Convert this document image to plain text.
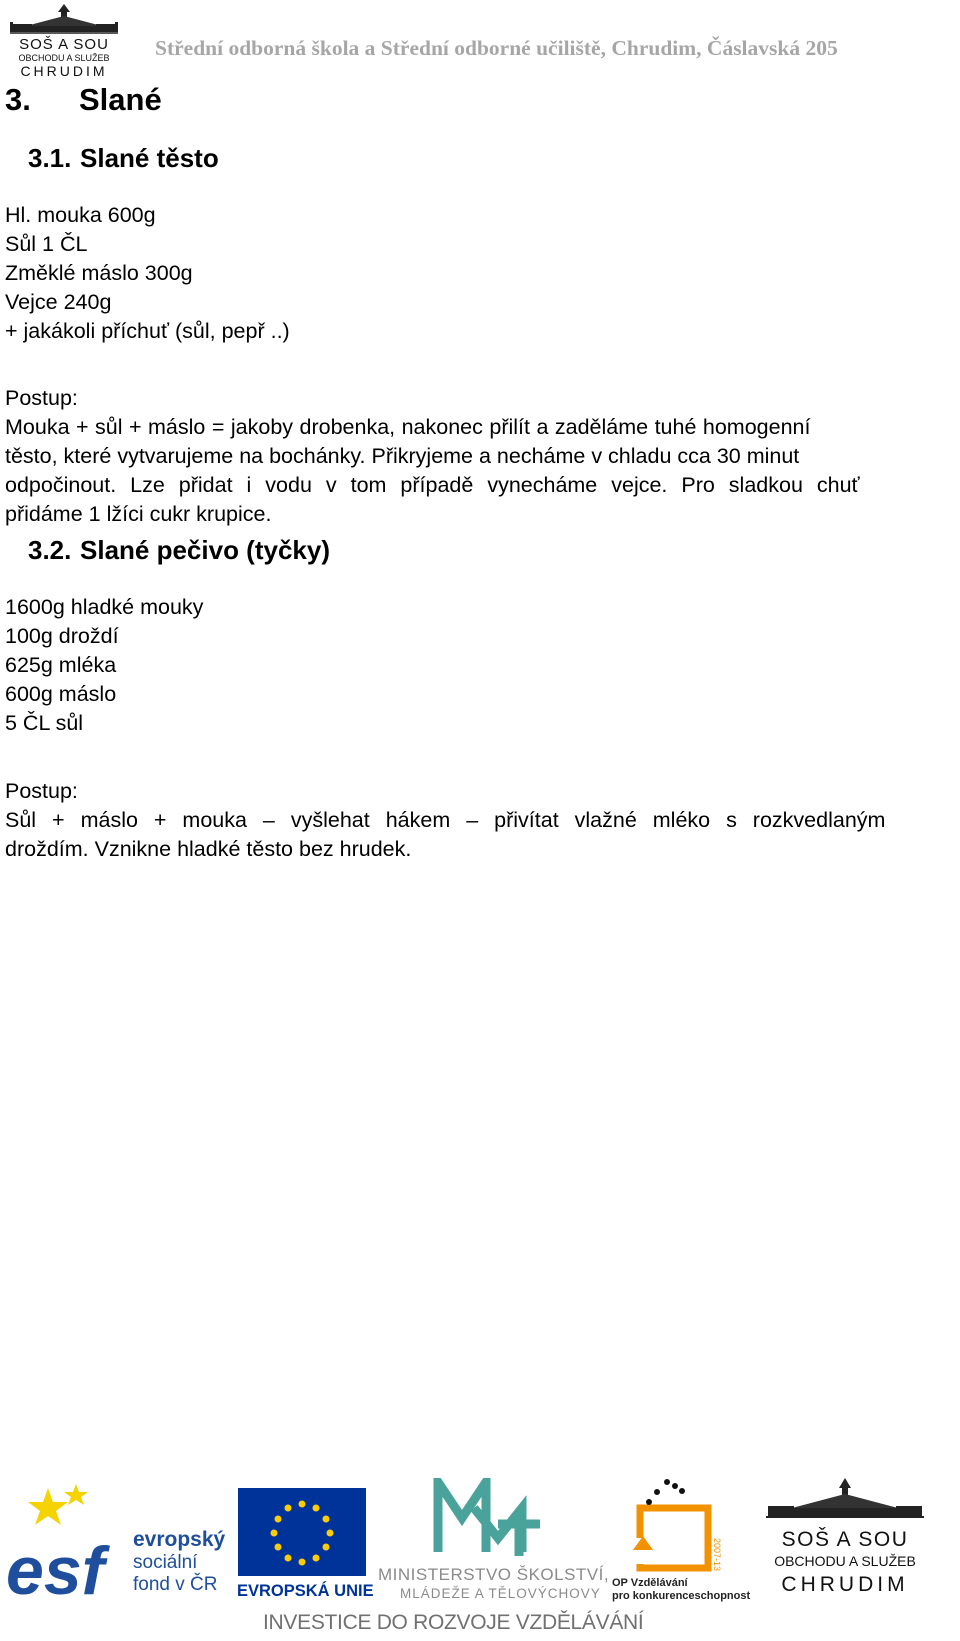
SOŠ A SOU
OBCHODU A SLUŽEB
CHRUDIM
Střední odborná škola a Střední odborné učiliště, Chrudim, Čáslavská 205
3. Slané
3.1. Slané těsto
Hl. mouka 600g
Sůl 1 ČL
Změklé máslo 300g
Vejce 240g
+ jakákoli příchuť (sůl, pepř ..)
Postup:
Mouka + sůl + máslo = jakoby drobenka, nakonec přilít a zaděláme tuhé homogenní
těsto, které vytvarujeme na bochánky. Přikryjeme a necháme v chladu cca 30 minut
odpočinout. Lze přidat i vodu v tom případě vynecháme vejce. Pro sladkou chuť
přidáme 1 lžíci cukr krupice.
3.2. Slané pečivo (tyčky)
1600g hladké mouky
100g droždí
625g mléka
600g máslo
5 ČL sůl
Postup:
Sůl + máslo + mouka – vyšlehat hákem – přivítat vlažné mléko s rozkvedlaným
droždím. Vznikne hladké těsto bez hrudek.
esf	evropský
sociální
fond v ČR EVROPSKÁ UNIE
MINISTERSTVO ŠKOLSTVÍ,
MLÁDEŽE A TĚLOVÝCHOVY
2007-13
OP Vzdělávání
pro konkurenceschopnost
SOŠ A SOU
OBCHODU A SLUŽEB
CHRUDIM
INVESTICE DO ROZVOJE VZDĚLÁVÁNÍ
